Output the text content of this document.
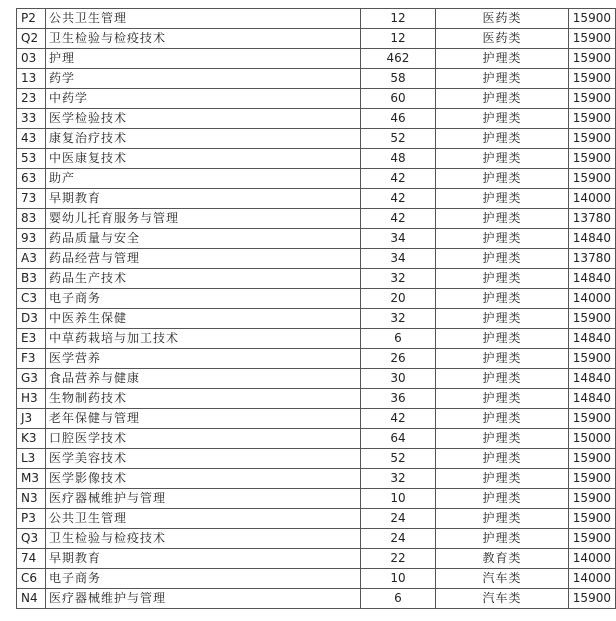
P2	公共卫生管理	12	医药类	15900
Q2	卫生检验与检疫技术	12	医药类	15900
03	护理	462	护理类	15900
13	药学	58	护理类	15900
23	中药学	60	护理类	15900
33	医学检验技术	46	护理类	15900
43	康复治疗技术	52	护理类	15900
53	中医康复技术	48	护理类	15900
63	助产	42	护理类	15900
73	早期教育	42	护理类	14000
83	婴幼儿托育服务与管理	42	护理类	13780
93	药品质量与安全	34	护理类	14840
A3	药品经营与管理	34	护理类	13780
B3	药品生产技术	32	护理类	14840
C3	电子商务	20	护理类	14000
D3	中医养生保健	32	护理类	15900
E3	中草药栽培与加工技术	6	护理类	14840
F3	医学营养	26	护理类	15900
G3	食品营养与健康	30	护理类	14840
H3	生物制药技术	36	护理类	14840
J3	老年保健与管理	42	护理类	15900
K3	口腔医学技术	64	护理类	15000
L3	医学美容技术	52	护理类	15900
M3	医学影像技术	32	护理类	15900
N3	医疗器械维护与管理	10	护理类	15900
P3	公共卫生管理	24	护理类	15900
Q3	卫生检验与检疫技术	24	护理类	15900
74	早期教育	22	教育类	14000
C6	电子商务	10	汽车类	14000
N4	医疗器械维护与管理	6	汽车类	15900
